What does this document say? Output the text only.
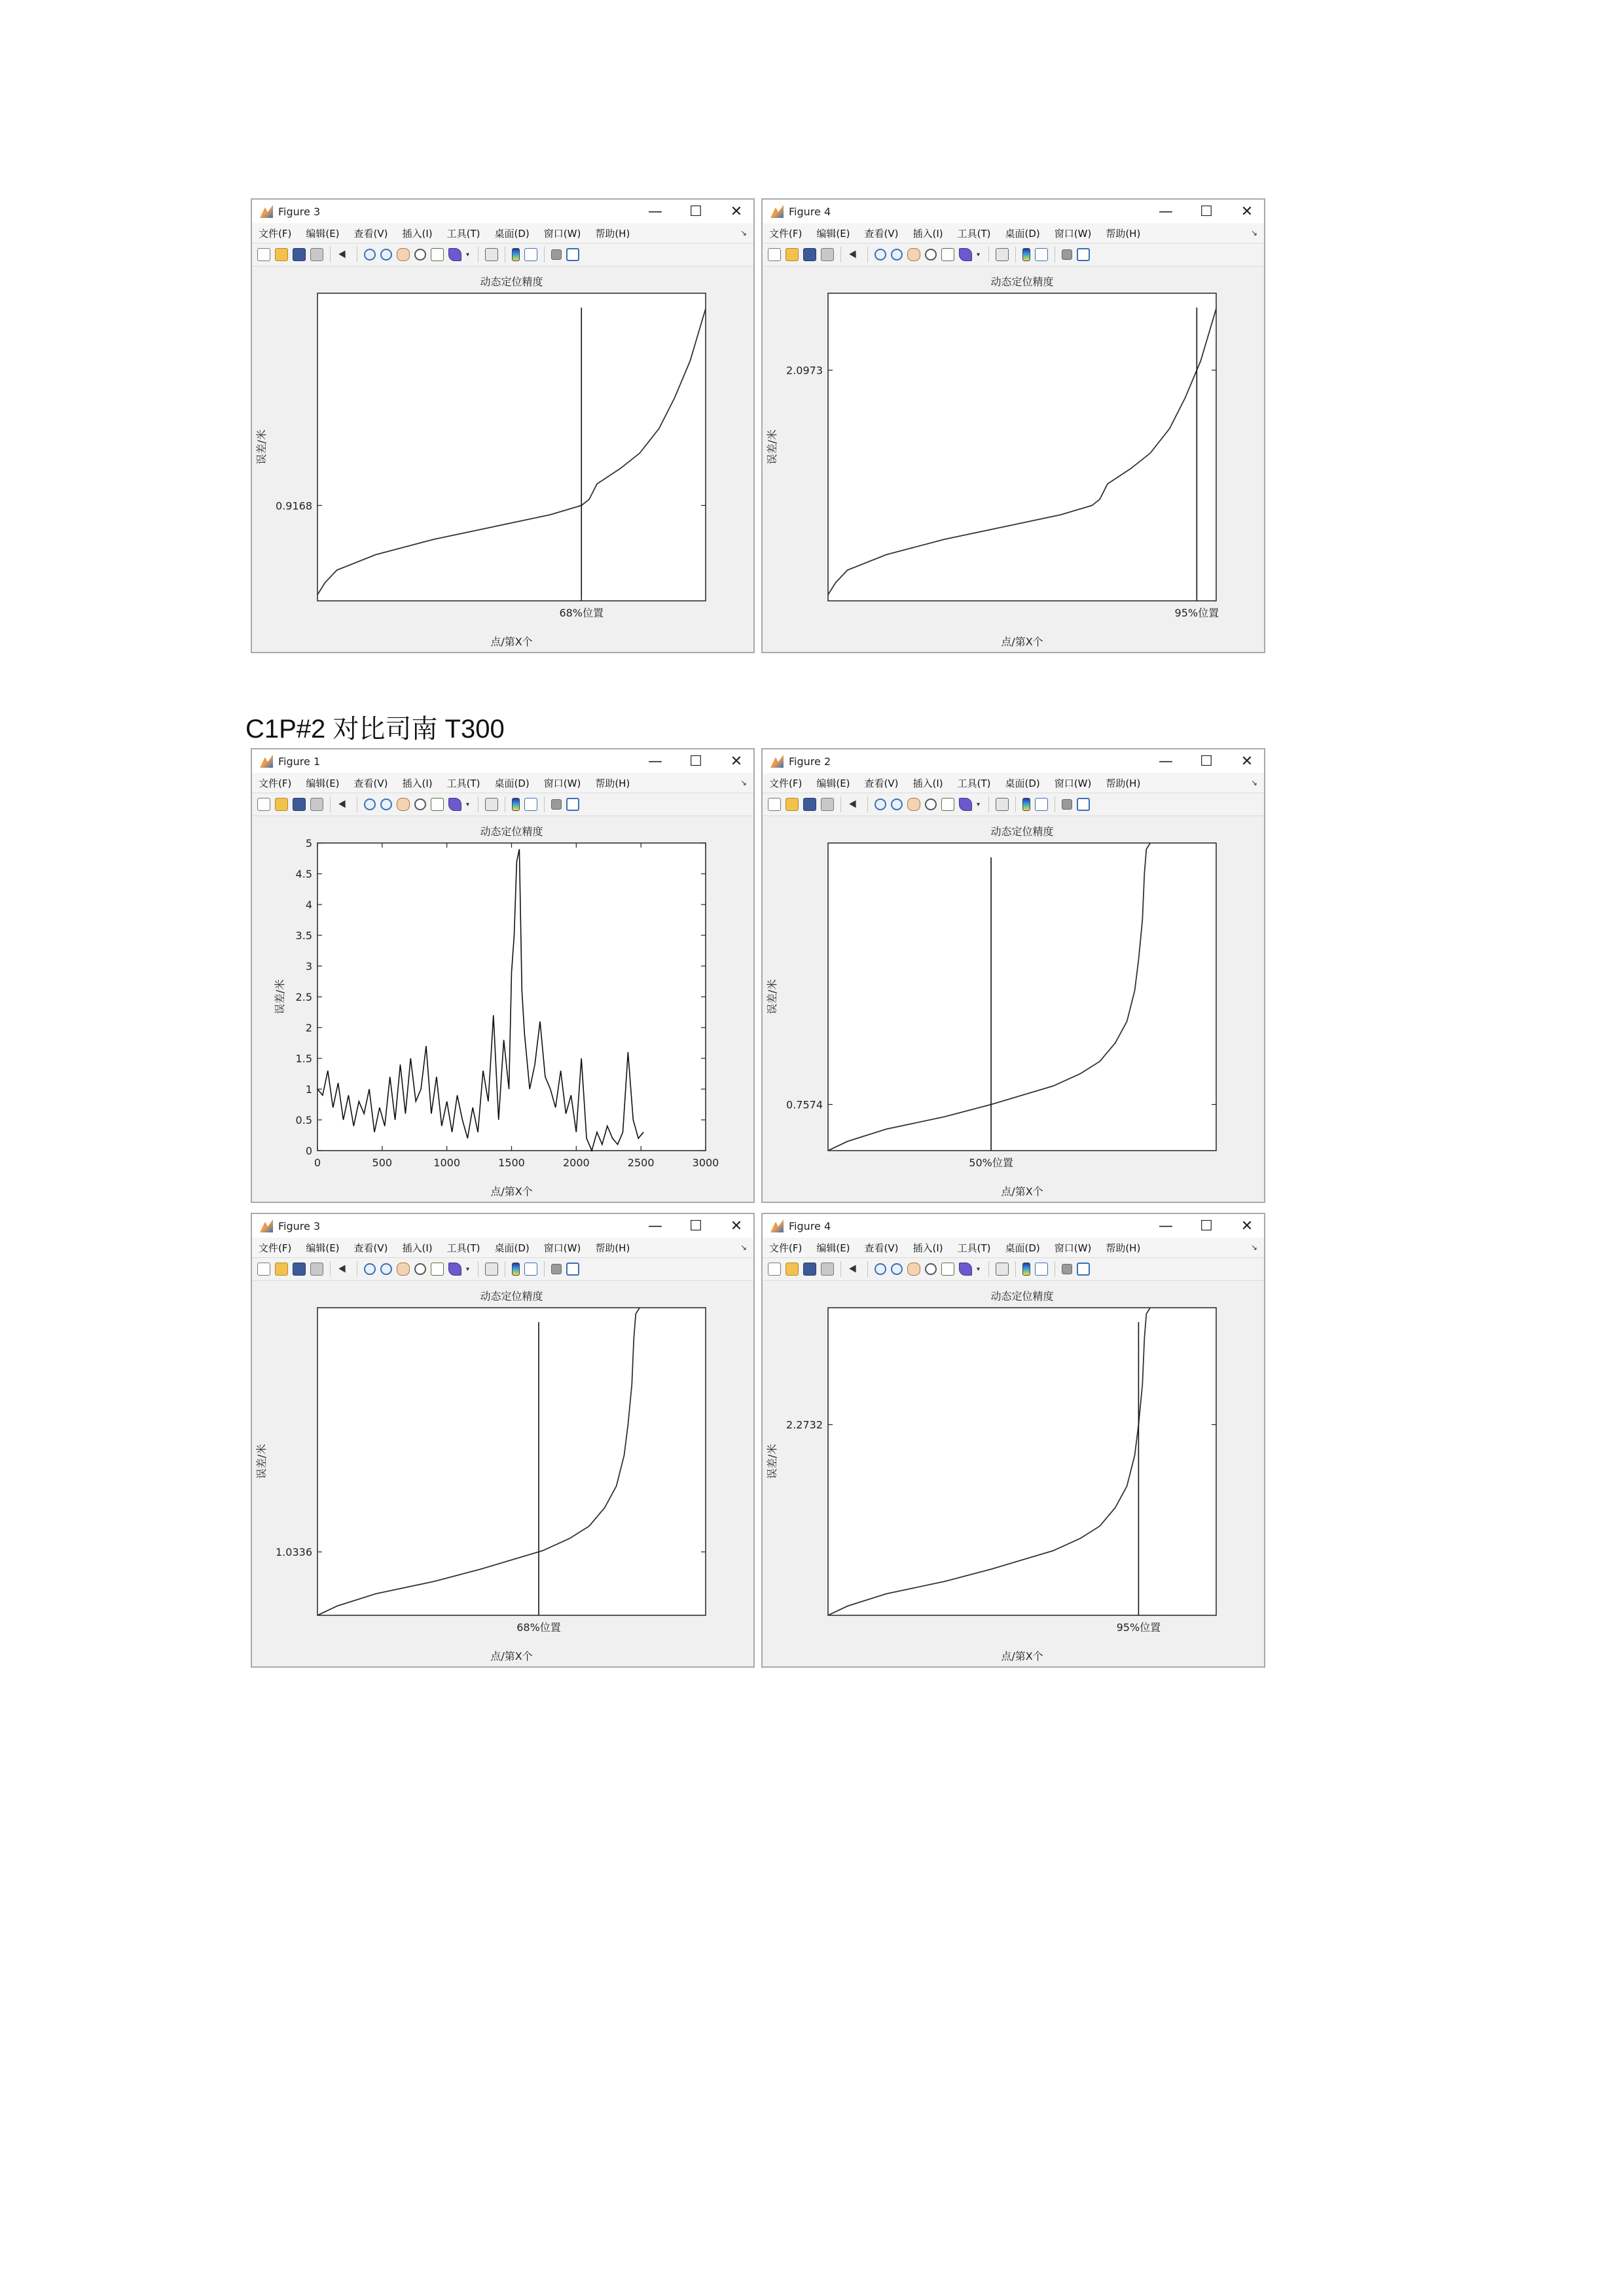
C1P#2 对比司南 T300
Figure 3	— ☐ ✕
文件(F) 编辑(E) 查看(V) 插入(I) 工具(T) 桌面(D) 窗口(W) 帮助(H)	↘
▾
动态定位精度
点/第X个
误差/米
68%位置
0.9168
Figure 4	— ☐ ✕
文件(F) 编辑(E) 查看(V) 插入(I) 工具(T) 桌面(D) 窗口(W) 帮助(H)	↘
▾
动态定位精度
点/第X个
误差/米
95%位置
2.0973
Figure 1	— ☐ ✕
文件(F) 编辑(E) 查看(V) 插入(I) 工具(T) 桌面(D) 窗口(W) 帮助(H)	↘
▾
动态定位精度
点/第X个
误差/米
0	500	1000	1500	2000	2500	3000
0
0.5
1
1.5
2
2.5
3
3.5
4
4.5
5
Figure 2	— ☐ ✕
文件(F) 编辑(E) 查看(V) 插入(I) 工具(T) 桌面(D) 窗口(W) 帮助(H)	↘
▾
动态定位精度
点/第X个
误差/米
50%位置
0.7574
Figure 3	— ☐ ✕
文件(F) 编辑(E) 查看(V) 插入(I) 工具(T) 桌面(D) 窗口(W) 帮助(H)	↘
▾
动态定位精度
点/第X个
误差/米
68%位置
1.0336
Figure 4	— ☐ ✕
文件(F) 编辑(E) 查看(V) 插入(I) 工具(T) 桌面(D) 窗口(W) 帮助(H)	↘
▾
动态定位精度
点/第X个
误差/米
95%位置
2.2732
